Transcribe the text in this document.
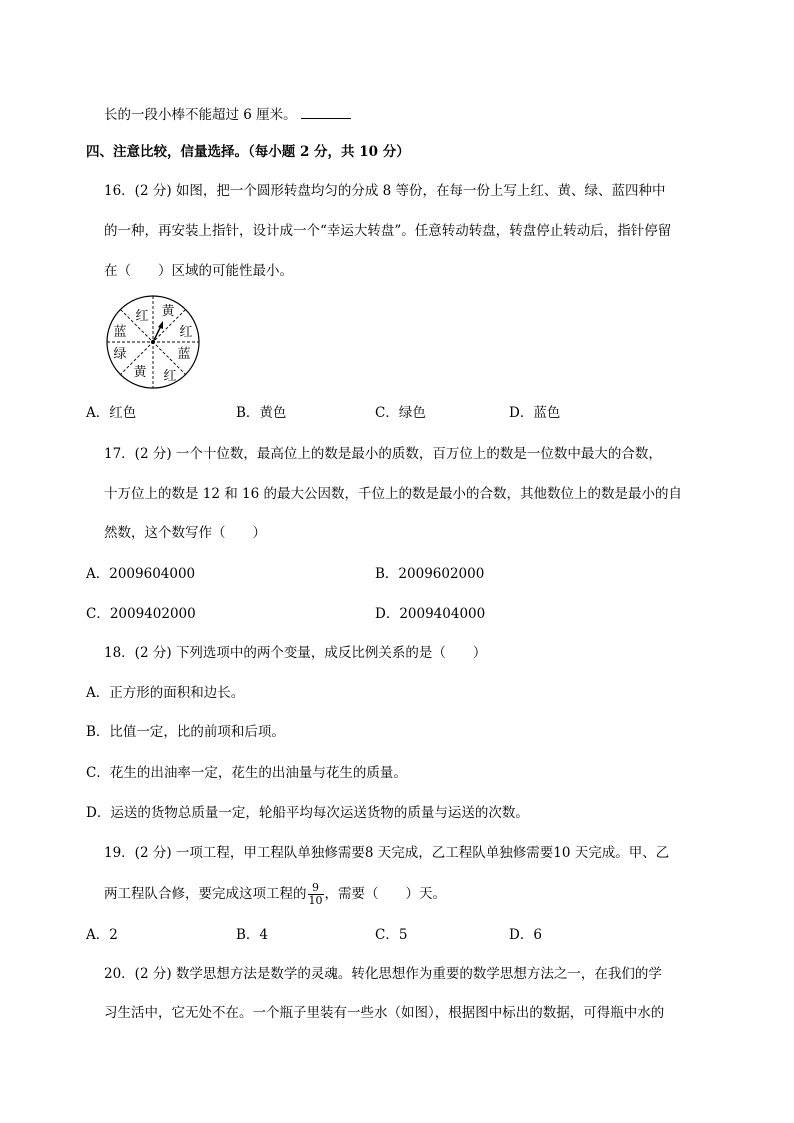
长的一段小棒不能超过 6 厘米。
四、注意比较，信量选择。（每小题 2 分，共 10 分）
16．(2 分) 如图，把一个圆形转盘均匀的分成 8 等份，在每一份上写上红、黄、绿、蓝四种中
的一种，再安装上指针，设计成一个“幸运大转盘”。任意转动转盘，转盘停止转动后，指针停留
在（　　）区域的可能性最小。
红 黄
红
蓝
红
黄
绿
蓝
A．红色	B．黄色	C．绿色	D．蓝色
17．(2 分) 一个十位数，最高位上的数是最小的质数，百万位上的数是一位数中最大的合数，
十万位上的数是 12 和 16 的最大公因数，千位上的数是最小的合数，其他数位上的数是最小的自
然数，这个数写作（　　）
A．2009604000	B．2009602000
C．2009402000	D．2009404000
18．(2 分) 下列选项中的两个变量，成反比例关系的是（　　）
A．正方形的面积和边长。
B．比值一定，比的前项和后项。
C．花生的出油率一定，花生的出油量与花生的质量。
D．运送的货物总质量一定，轮船平均每次运送货物的质量与运送的次数。
19．(2 分) 一项工程，甲工程队单独修需要8 天完成，乙工程队单独修需要10 天完成。甲、乙
两工程队合修，要完成这项工程的 $\frac{9}{10}$ ，需要（　　）天。
A．2	B．4	C．5	D．6
20．(2 分) 数学思想方法是数学的灵魂。转化思想作为重要的数学思想方法之一，在我们的学
习生活中，它无处不在。一个瓶子里装有一些水（如图），根据图中标出的数据，可得瓶中水的
